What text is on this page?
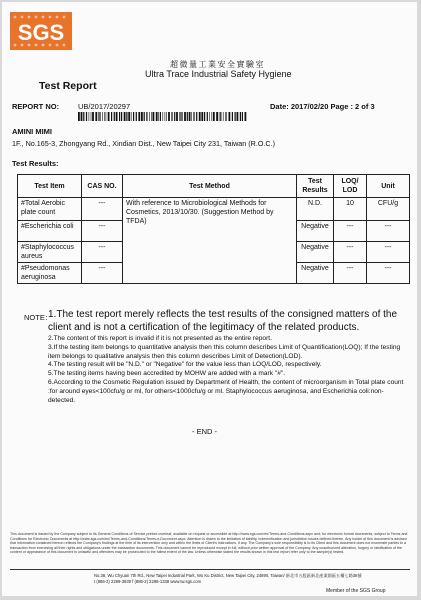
SGS
超微量工業安全實驗室
Ultra Trace Industrial Safety Hygiene
Test Report
REPORT NO:	UB/2017/20297	Date: 2017/02/20 Page : 2 of 3
AMINI MIMI
1F., No.165-3, Zhongyang Rd., Xindian Dist., New Taipei City 231, Taiwan (R.O.C.)
Test Results:
Test Item	CAS NO.	Test Method	Test Results	LOQ/ LOD	Unit
#Total Aerobic plate count	---	With reference to Microbiological Methods for Cosmetics, 2013/10/30. (Suggestion Method by TFDA)	N.D.	10	CFU/g
#Escherichia coli	---		Negative	---	---
#Staphylococcus aureus	---		Negative	---	---
#Pseudomonas aeruginosa	---		Negative	---	---
NOTE：
1.The test report merely reflects the test results of the consigned matters of the client and is not a certification of the legitimacy of the related products.
2.The content of this report is invalid if it is not presented as the entire report.
3.If the testing item belongs to quantitative analysis then this column describes Limit of Quantification(LOQ); If the testing item belongs to qualitative analysis then this column describes Limit of Detection(LOD).
4.The testing result will be "N.D." or "Negative" for the value less than LOQ/LOD, respectively.
5.The testing items having been accredited by MOHW are added with a mark "#".
6.According to the Cosmetic Regulation issued by Department of Health, the content of microorganism in Total plate count :for around eyes<100cfu/g or ml, for others<1000cfu/g or ml. Staphylococcus aeruginosa, and Escherichia coli:non-detected.
- END -
This document is issued by the Company subject to its General Conditions of Service printed overleaf, available on request or accessible at http://www.sgs.com/en/Terms-and-Conditions.aspx and, for electronic format documents, subject to Terms and Conditions for Electronic Documents at http://www.sgs.com/en/Terms-and-Conditions/Terms-e-Document.aspx. Attention is drawn to the limitation of liability, indemnification and jurisdiction issues defined therein. Any holder of this document is advised that information contained hereon reflects the Company's findings at the time of its intervention only and within the limits of Client's instructions, if any. The Company's sole responsibility is to its Client and this document does not exonerate parties to a transaction from exercising all their rights and obligations under the transaction documents. This document cannot be reproduced except in full, without prior written approval of the Company. Any unauthorized alteration, forgery or falsification of the content or appearance of this document is unlawful and offenders may be prosecuted to the fullest extent of the law. Unless otherwise stated the results shown in this test report refer only to the sample(s) tested.
No.38, Wu Chyuan 7th Rd., New Taipei Industrial Park, Wu Ku District, New Taipei City, 24890, Taiwan/ 新北市五股區新北產業園區五權七路38號
t (886-2) 2299-3939 f (886-2) 2298-1338 www.tw.sgs.com
Member of the SGS Group
